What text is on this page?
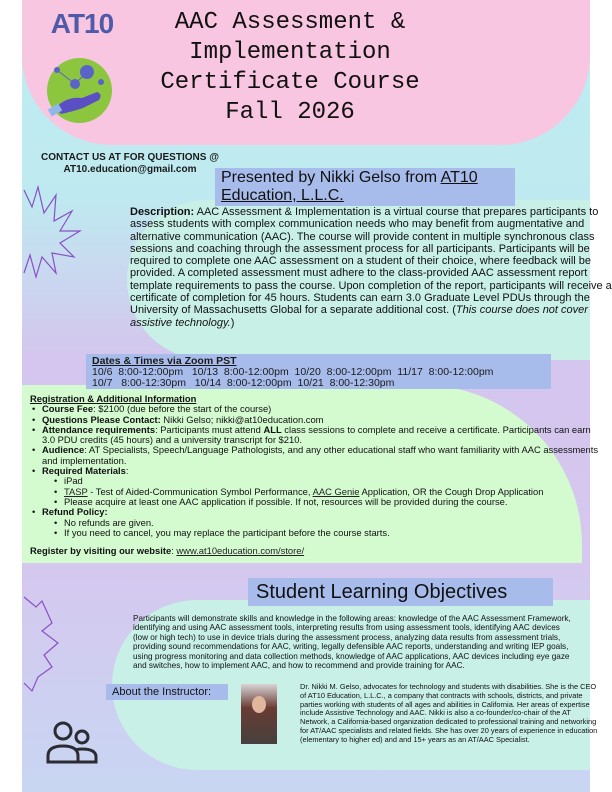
AT10	AAC Assessment &
Implementation
Certificate Course
Fall 2026
CONTACT US AT FOR QUESTIONS @
AT10.education@gmail.com	Presented by Nikki Gelso from AT10 Education, L.L.C.
Description: AAC Assessment & Implementation is a virtual course that prepares participants to assess students with complex communication needs who may benefit from augmentative and alternative communication (AAC). The course will provide content in multiple synchronous class sessions and coaching through the assessment process for all participants. Participants will be required to complete one AAC assessment on a student of their choice, where feedback will be provided. A completed assessment must adhere to the class-provided AAC assessment report template requirements to pass the course. Upon completion of the report, participants will receive a certificate of completion for 45 hours. Students can earn 3.0 Graduate Level PDUs through the University of Massachusetts Global for a separate additional cost. (This course does not cover assistive technology.)
Dates & Times via Zoom PST
10/6  8:00-12:00pm   10/13  8:00-12:00pm  10/20  8:00-12:00pm  11/17  8:00-12:00pm
10/7   8:00-12:30pm   10/14  8:00-12:00pm  10/21  8:00-12:30pm
Registration & Additional Information
• Course Fee: $2100 (due before the start of the course)
• Questions Please Contact: Nikki Gelso; nikki@at10education.com
• Attendance requirements: Participants must attend ALL class sessions to complete and receive a certificate. Participants can earn 3.0 PDU credits (45 hours) and a university transcript for $210.
• Audience: AT Specialists, Speech/Language Pathologists, and any other educational staff who want familiarity with AAC assessments and implementation.
• Required Materials:
• iPad
• TASP - Test of Aided-Communication Symbol Performance, AAC Genie Application, OR the Cough Drop Application
• Please acquire at least one AAC application if possible. If not, resources will be provided during the course.
• Refund Policy:
• No refunds are given.
• If you need to cancel, you may replace the participant before the course starts.
Register by visiting our website: www.at10education.com/store/
Student Learning Objectives
Participants will demonstrate skills and knowledge in the following areas: knowledge of the AAC Assessment Framework, identifying and using AAC assessment tools, interpreting results from using assessment tools, identifying AAC devices (low or high tech) to use in device trials during the assessment process, analyzing data results from assessment trials, providing sound recommendations for AAC, writing, legally defensible AAC reports, understanding and writing IEP goals, using progress monitoring and data collection methods, knowledge of AAC applications, AAC devices including eye gaze and switches, how to implement AAC, and how to recommend and provide training for AAC.
About the Instructor:	Dr. Nikki M. Gelso, advocates for technology and students with disabilities. She is the CEO of AT10 Education, L.L.C., a company that contracts with schools, districts, and private parties working with students of all ages and abilities in California. Her areas of expertise include Assistive Technology and AAC. Nikki is also a co-founder/co-chair of the AT Network, a California-based organization dedicated to professional training and networking for AT/AAC specialists and related fields. She has over 20 years of experience in education (elementary to higher ed) and and 15+ years as an AT/AAC Specialist.
